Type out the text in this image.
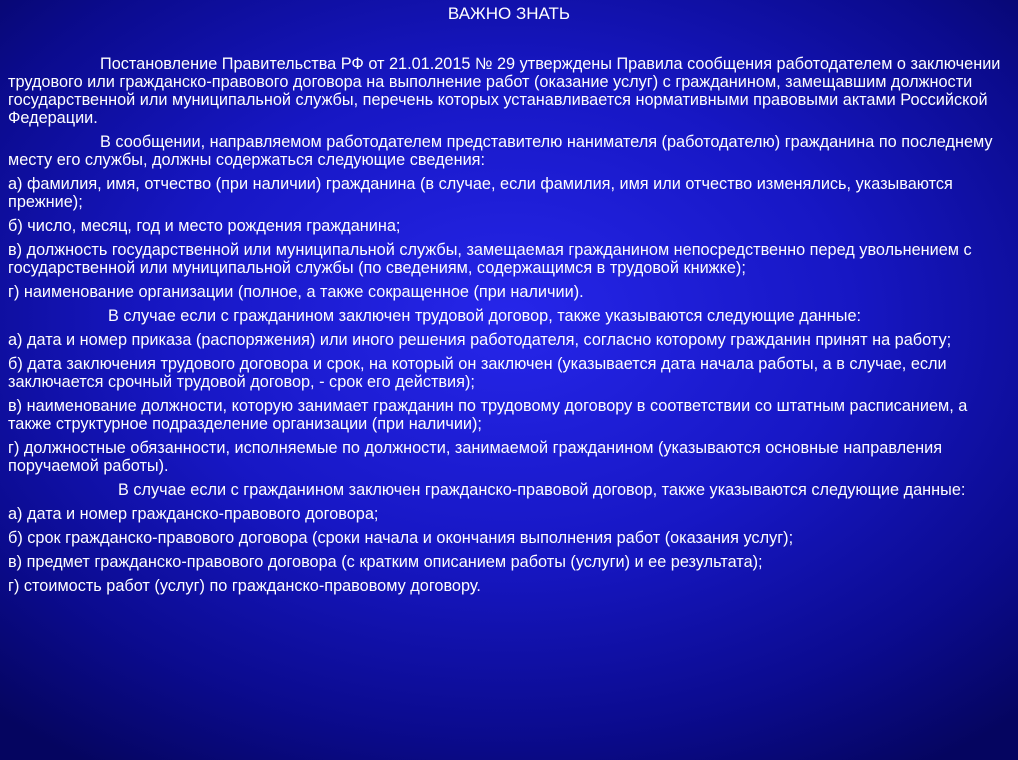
ВАЖНО ЗНАТЬ

Постановление Правительства РФ от 21.01.2015 № 29 утверждены Правила сообщения работодателем о заключении трудового или гражданско-правового договора на выполнение работ (оказание услуг) с гражданином, замещавшим должности государственной или муниципальной службы, перечень которых устанавливается нормативными правовыми актами Российской Федерации.

В сообщении, направляемом работодателем представителю нанимателя (работодателю) гражданина по последнему месту его службы, должны содержаться следующие сведения:

а) фамилия, имя, отчество (при наличии) гражданина (в случае, если фамилия, имя или отчество изменялись, указываются прежние);

б) число, месяц, год и место рождения гражданина;

в) должность государственной или муниципальной службы, замещаемая гражданином непосредственно перед увольнением с государственной или муниципальной службы (по сведениям, содержащимся в трудовой книжке);

г) наименование организации (полное, а также сокращенное (при наличии).

В случае если с гражданином заключен трудовой договор, также указываются следующие данные:

а) дата и номер приказа (распоряжения) или иного решения работодателя, согласно которому гражданин принят на работу;

б) дата заключения трудового договора и срок, на который он заключен (указывается дата начала работы, а в случае, если заключается срочный трудовой договор, - срок его действия);

в) наименование должности, которую занимает гражданин по трудовому договору в соответствии со штатным расписанием, а также структурное подразделение организации (при наличии);

г) должностные обязанности, исполняемые по должности, занимаемой гражданином (указываются основные направления поручаемой работы).

В случае если с гражданином заключен гражданско-правовой договор, также указываются следующие данные:

а) дата и номер гражданско-правового договора;

б) срок гражданско-правового договора (сроки начала и окончания выполнения работ (оказания услуг);

в) предмет гражданско-правового договора (с кратким описанием работы (услуги) и ее результата);

г) стоимость работ (услуг) по гражданско-правовому договору.
